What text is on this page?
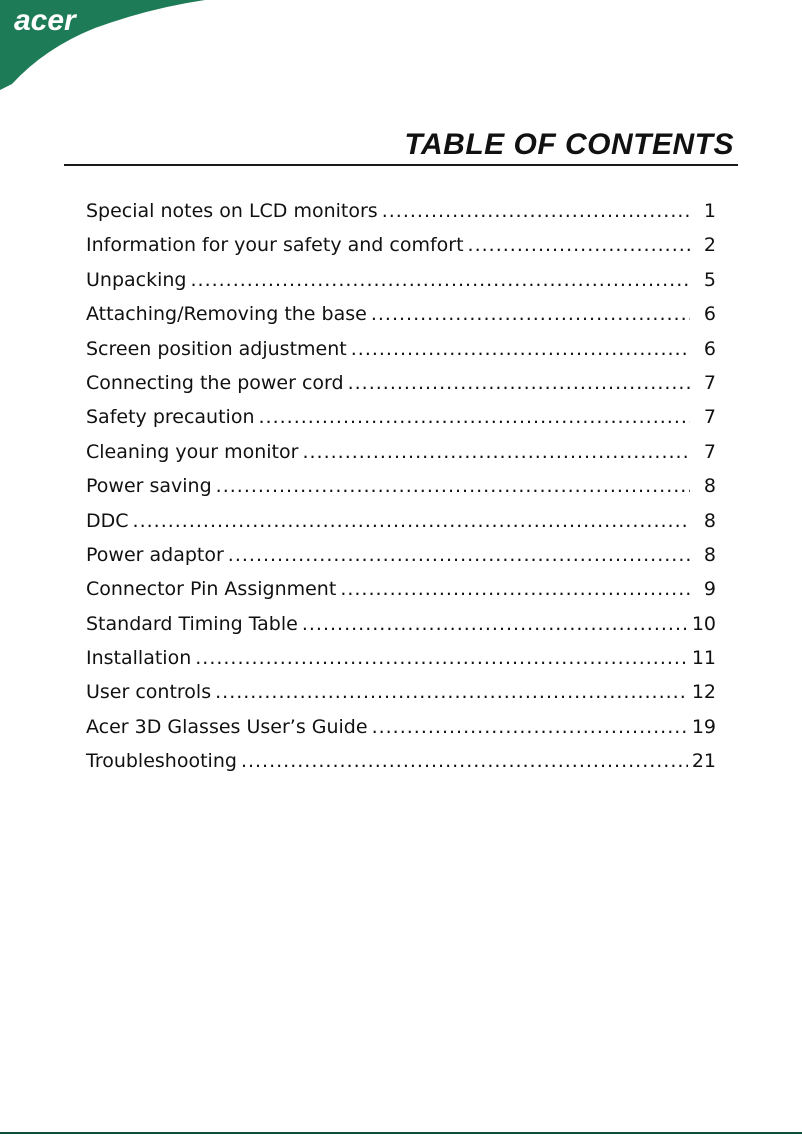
acer
TABLE OF CONTENTS
Special notes on LCD monitors .....	1
Information for your safety and comfort .....	2
Unpacking .....	5
Attaching/Removing the base .....	6
Screen position adjustment .....	6
Connecting the power cord .....	7
Safety precaution .....	7
Cleaning your monitor .....	7
Power saving .....	8
DDC .....	8
Power adaptor .....	8
Connector Pin Assignment .....	9
Standard Timing Table .....	10
Installation .....	11
User controls .....	12
Acer 3D Glasses User’s Guide .....	19
Troubleshooting .....	21
